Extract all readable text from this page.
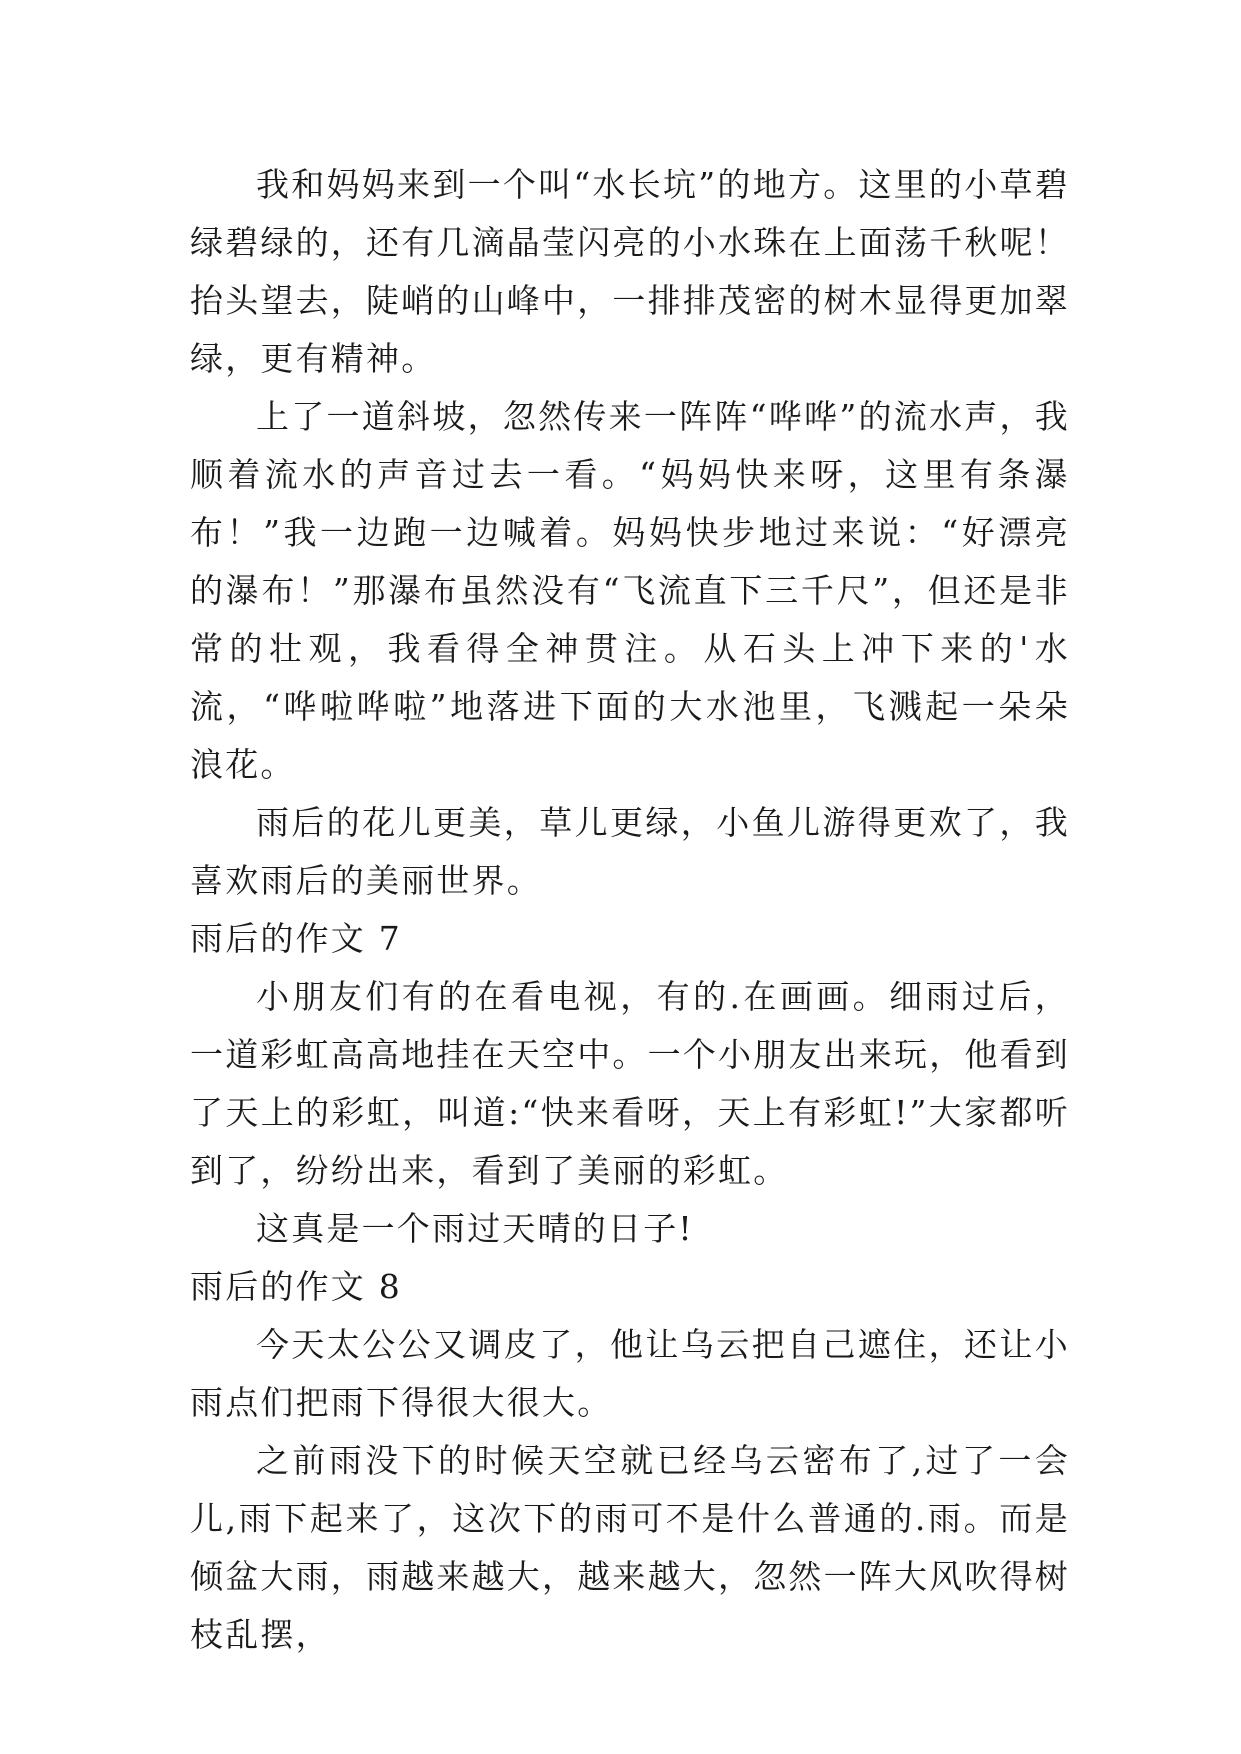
我和妈妈来到一个叫“水长坑”的地方。这里的小草碧绿碧绿的，还有几滴晶莹闪亮的小水珠在上面荡千秋呢！抬头望去，陡峭的山峰中，一排排茂密的树木显得更加翠绿，更有精神。

上了一道斜坡，忽然传来一阵阵“哗哗”的流水声，我顺着流水的声音过去一看。“妈妈快来呀，这里有条瀑布！”我一边跑一边喊着。妈妈快步地过来说：“好漂亮的瀑布！”那瀑布虽然没有“飞流直下三千尺”，但还是非常的壮观，我看得全神贯注。从石头上冲下来的'水流，“哗啦哗啦”地落进下面的大水池里，飞溅起一朵朵浪花。

雨后的花儿更美，草儿更绿，小鱼儿游得更欢了，我喜欢雨后的美丽世界。

雨后的作文 7

小朋友们有的在看电视，有的.在画画。细雨过后，一道彩虹高高地挂在天空中。一个小朋友出来玩，他看到了天上的彩虹，叫道:“快来看呀，天上有彩虹!”大家都听到了，纷纷出来，看到了美丽的彩虹。

这真是一个雨过天晴的日子!

雨后的作文 8

今天太公公又调皮了，他让乌云把自己遮住，还让小雨点们把雨下得很大很大。

之前雨没下的时候天空就已经乌云密布了,过了一会儿,雨下起来了，这次下的雨可不是什么普通的.雨。而是倾盆大雨，雨越来越大，越来越大，忽然一阵大风吹得树枝乱摆，
